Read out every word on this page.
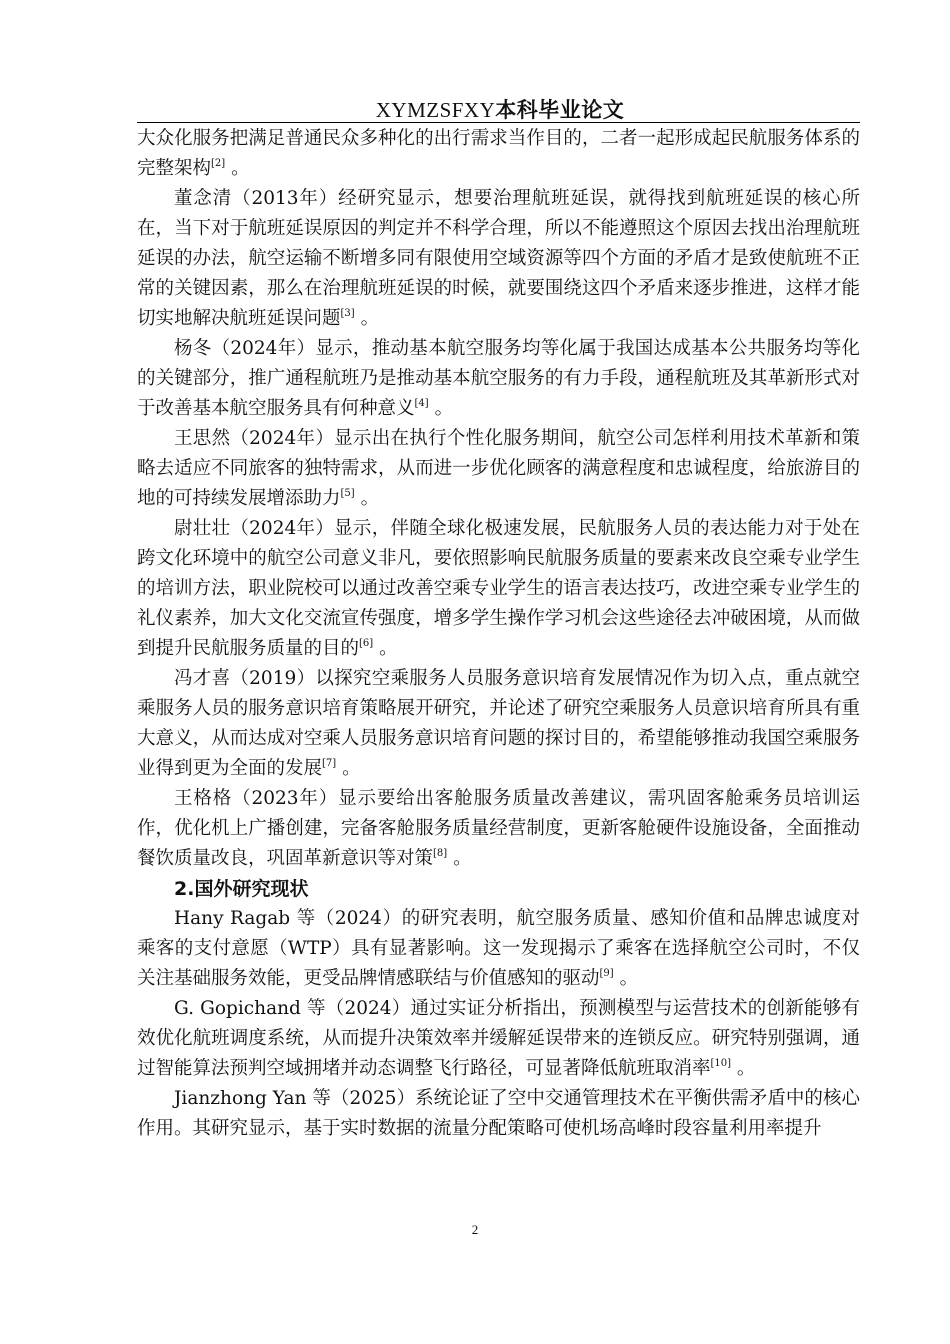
XYMZSFXY本科毕业论文

大众化服务把满足普通民众多种化的出行需求当作目的，二者一起形成起民航服务体系的完整架构[2] 。

董念清（2013年）经研究显示，想要治理航班延误，就得找到航班延误的核心所在，当下对于航班延误原因的判定并不科学合理，所以不能遵照这个原因去找出治理航班延误的办法，航空运输不断增多同有限使用空域资源等四个方面的矛盾才是致使航班不正常的关键因素，那么在治理航班延误的时候，就要围绕这四个矛盾来逐步推进，这样才能切实地解决航班延误问题[3] 。

杨冬（2024年）显示，推动基本航空服务均等化属于我国达成基本公共服务均等化的关键部分，推广通程航班乃是推动基本航空服务的有力手段，通程航班及其革新形式对于改善基本航空服务具有何种意义[4] 。

王思然（2024年）显示出在执行个性化服务期间，航空公司怎样利用技术革新和策略去适应不同旅客的独特需求，从而进一步优化顾客的满意程度和忠诚程度，给旅游目的地的可持续发展增添助力[5] 。

尉壮壮（2024年）显示，伴随全球化极速发展，民航服务人员的表达能力对于处在跨文化环境中的航空公司意义非凡，要依照影响民航服务质量的要素来改良空乘专业学生的培训方法，职业院校可以通过改善空乘专业学生的语言表达技巧，改进空乘专业学生的礼仪素养，加大文化交流宣传强度，增多学生操作学习机会这些途径去冲破困境，从而做到提升民航服务质量的目的[6] 。

冯才喜（2019）以探究空乘服务人员服务意识培育发展情况作为切入点，重点就空乘服务人员的服务意识培育策略展开研究，并论述了研究空乘服务人员意识培育所具有重大意义，从而达成对空乘人员服务意识培育问题的探讨目的，希望能够推动我国空乘服务业得到更为全面的发展[7] 。

王格格（2023年）显示要给出客舱服务质量改善建议，需巩固客舱乘务员培训运作，优化机上广播创建，完备客舱服务质量经营制度，更新客舱硬件设施设备，全面推动餐饮质量改良，巩固革新意识等对策[8] 。

2.国外研究现状

Hany Ragab 等（2024）的研究表明，航空服务质量、感知价值和品牌忠诚度对乘客的支付意愿（WTP）具有显著影响。这一发现揭示了乘客在选择航空公司时，不仅关注基础服务效能，更受品牌情感联结与价值感知的驱动[9] 。

G. Gopichand 等（2024）通过实证分析指出，预测模型与运营技术的创新能够有效优化航班调度系统，从而提升决策效率并缓解延误带来的连锁反应。研究特别强调，通过智能算法预判空域拥堵并动态调整飞行路径，可显著降低航班取消率[10] 。

Jianzhong Yan 等（2025）系统论证了空中交通管理技术在平衡供需矛盾中的核心作用。其研究显示，基于实时数据的流量分配策略可使机场高峰时段容量利用率提升

2
